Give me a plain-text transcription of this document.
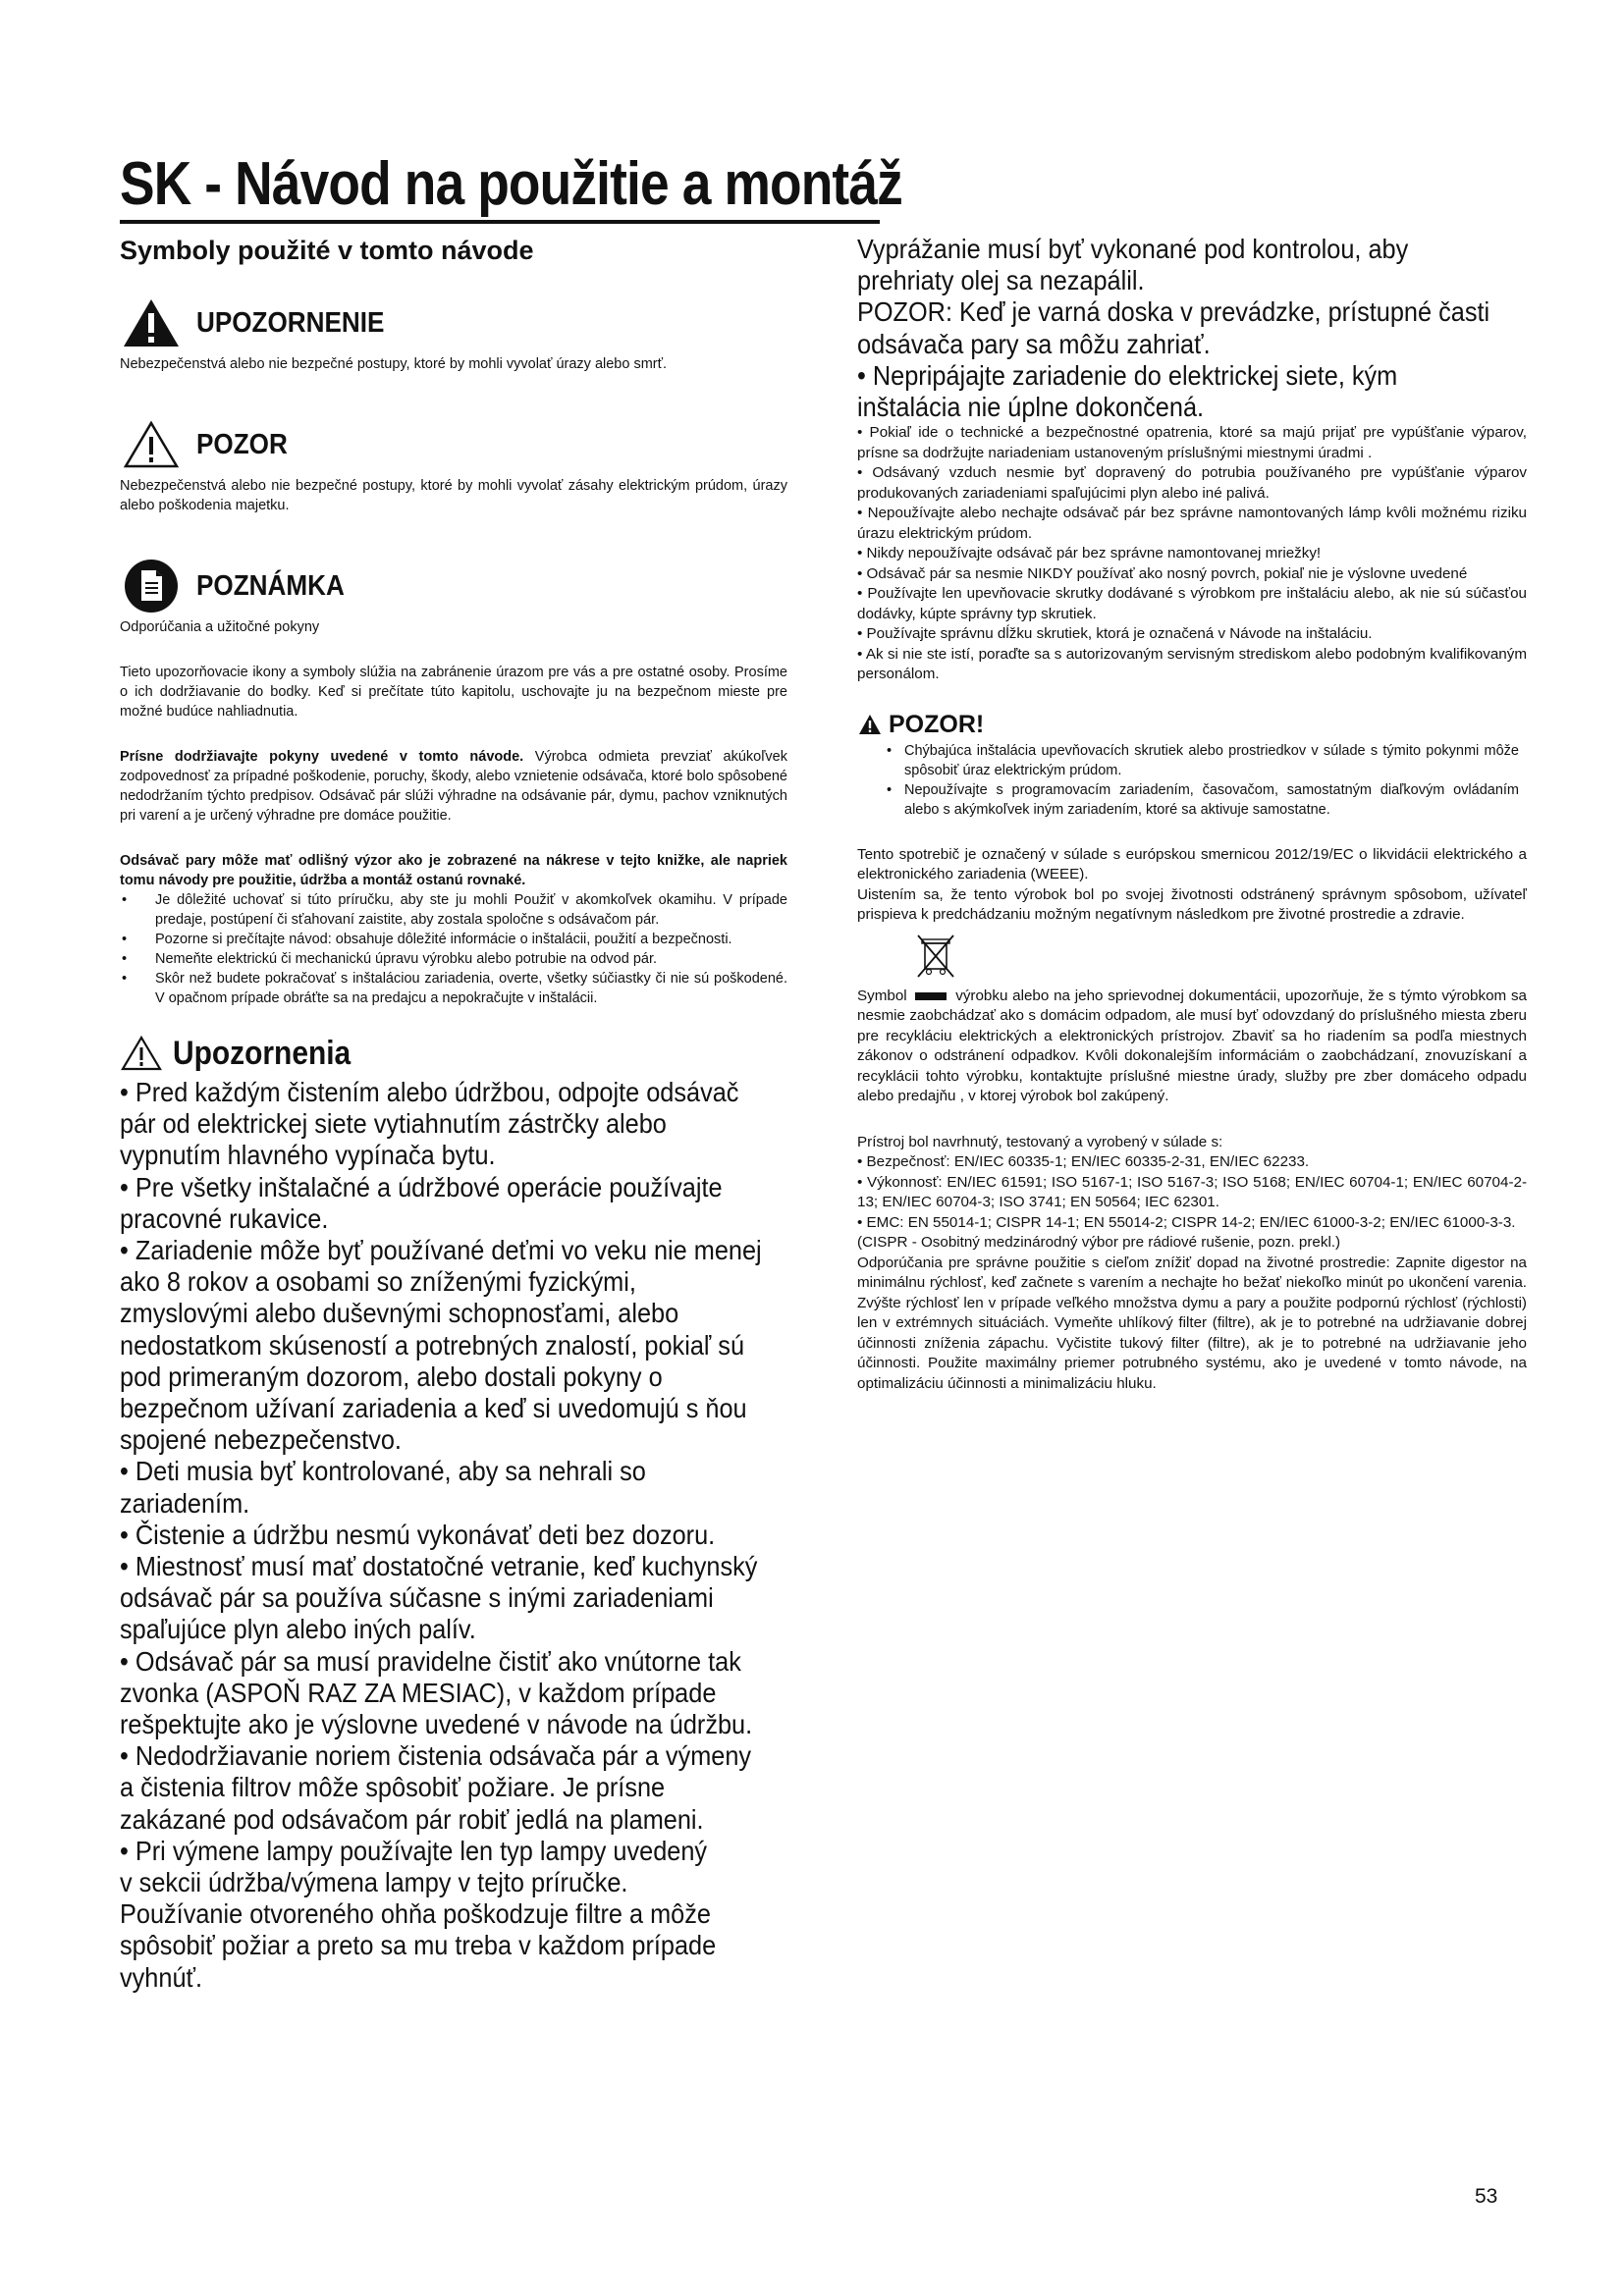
SK - Návod na použitie a montáž
Symboly použité v tomto návode
UPOZORNENIE

Nebezpečenstvá alebo nie bezpečné postupy, ktoré by mohli vyvolať úrazy alebo smrť.

POZOR

Nebezpečenstvá alebo nie bezpečné postupy, ktoré by mohli vyvolať zásahy elektrickým prúdom, úrazy alebo poškodenia majetku.

POZNÁMKA

Odporúčania a užitočné pokyny

Tieto upozorňovacie ikony a symboly slúžia na zabránenie úrazom pre vás a pre ostatné osoby. Prosíme o ich dodržiavanie do bodky. Keď si prečítate túto kapitolu, uschovajte ju na bezpečnom mieste pre možné budúce nahliadnutia.

Prísne dodržiavajte pokyny uvedené v tomto návode. Výrobca odmieta prevziať akúkoľvek zodpovednosť za prípadné poškodenie, poruchy, škody, alebo vznietenie odsávača, ktoré bolo spôsobené nedodržaním týchto predpisov. Odsávač pár slúži výhradne na odsávanie pár, dymu, pachov vzniknutých pri varení a je určený výhradne pre domáce použitie.

Odsávač pary môže mať odlišný výzor ako je zobrazené na nákrese v tejto knižke, ale napriek tomu návody pre použitie, údržba a montáž ostanú rovnaké.

• Je dôležité uchovať si túto príručku, aby ste ju mohli Použiť v akomkoľvek okamihu. V prípade predaje, postúpení či sťahovaní zaistite, aby zostala spoločne s odsávačom pár.
• Pozorne si prečítajte návod: obsahuje dôležité informácie o inštalácii, použití a bezpečnosti.
• Nemeňte elektrickú či mechanickú úpravu výrobku alebo potrubie na odvod pár.
• Skôr než budete pokračovať s inštaláciou zariadenia, overte, všetky súčiastky či nie sú poškodené. V opačnom prípade obráťte sa na predajcu a nepokračujte v inštalácii.
Upozornenia
• Pred každým čistením alebo údržbou, odpojte odsávač
pár od elektrickej siete vytiahnutím zástrčky alebo
vypnutím hlavného vypínača bytu.
• Pre všetky inštalačné a údržbové operácie používajte
pracovné rukavice.
• Zariadenie môže byť používané deťmi vo veku nie menej
ako 8 rokov a osobami so zníženými fyzickými,
zmyslovými alebo duševnými schopnosťami, alebo
nedostatkom skúseností a potrebných znalostí, pokiaľ sú
pod primeraným dozorom, alebo dostali pokyny o
bezpečnom užívaní zariadenia a keď si uvedomujú s ňou
spojené nebezpečenstvo.
• Deti musia byť kontrolované, aby sa nehrali so
zariadením.
• Čistenie a údržbu nesmú vykonávať deti bez dozoru.
• Miestnosť musí mať dostatočné vetranie, keď kuchynský
odsávač pár sa používa súčasne s inými zariadeniami
spaľujúce plyn alebo iných palív.
• Odsávač pár sa musí pravidelne čistiť ako vnútorne tak
zvonka (ASPOŇ RAZ ZA MESIAC), v každom prípade
rešpektujte ako je výslovne uvedené v návode na údržbu.
• Nedodržiavanie noriem čistenia odsávača pár a výmeny
a čistenia filtrov môže spôsobiť požiare. Je prísne
zakázané pod odsávačom pár robiť jedlá na plameni.
• Pri výmene lampy používajte len typ lampy uvedený
v sekcii údržba/výmena lampy v tejto príručke.
Používanie otvoreného ohňa poškodzuje filtre a môže
spôsobiť požiar a preto sa mu treba v každom prípade
vyhnúť.
Vyprážanie musí byť vykonané pod kontrolou, aby
prehriaty olej sa nezapálil.
POZOR: Keď je varná doska v prevádzke, prístupné časti
odsávača pary sa môžu zahriať.
• Nepripájajte zariadenie do elektrickej siete, kým
inštalácia nie úplne dokončená.

• Pokiaľ ide o technické a bezpečnostné opatrenia, ktoré sa majú prijať pre vypúšťanie výparov, prísne sa dodržujte nariadeniam ustanoveným príslušnými miestnymi úradmi .

• Odsávaný vzduch nesmie byť dopravený do potrubia používaného pre vypúšťanie výparov produkovaných zariadeniami spaľujúcimi plyn alebo iné palivá.

• Nepoužívajte alebo nechajte odsávač pár bez správne namontovaných lámp kvôli možnému riziku úrazu elektrickým prúdom.

• Nikdy nepoužívajte odsávač pár bez správne namontovanej mriežky!

• Odsávač pár sa nesmie NIKDY používať ako nosný povrch, pokiaľ nie je výslovne uvedené

• Používajte len upevňovacie skrutky dodávané s výrobkom pre inštaláciu alebo, ak nie sú súčasťou dodávky, kúpte správny typ skrutiek.

• Používajte správnu dĺžku skrutiek, ktorá je označená v Návode na inštaláciu.

• Ak si nie ste istí, poraďte sa s autorizovaným servisným strediskom alebo podobným kvalifikovaným personálom.

POZOR!
• Chýbajúca inštalácia upevňovacích skrutiek alebo prostriedkov v súlade s týmito pokynmi môže spôsobiť úraz elektrickým prúdom.
• Nepoužívajte s programovacím zariadením, časovačom, samostatným diaľkovým ovládaním alebo s akýmkoľvek iným zariadením, ktoré sa aktivuje samostatne.

Tento spotrebič je označený v súlade s európskou smernicou 2012/19/EC o likvidácii elektrického a elektronického zariadenia (WEEE).

Uistením sa, že tento výrobok bol po svojej životnosti odstránený správnym spôsobom, užívateľ prispieva k predchádzaniu možným negatívnym následkom pre životné prostredie a zdravie.

Symbol	výrobku alebo na jeho sprievodnej dokumentácii, upozorňuje, že s týmto výrobkom sa nesmie zaobchádzať ako s domácim odpadom, ale musí byť odovzdaný do príslušného miesta zberu pre recykláciu elektrických a elektronických prístrojov. Zbaviť sa ho riadením sa podľa miestnych zákonov o odstránení odpadkov. Kvôli dokonalejším informáciám o zaobchádzaní, znovuzískaní a recyklácii tohto výrobku, kontaktujte príslušné miestne úrady, služby pre zber domáceho odpadu alebo predajňu , v ktorej výrobok bol zakúpený.

Prístroj bol navrhnutý, testovaný a vyrobený v súlade s:

• Bezpečnosť: EN/IEC 60335-1; EN/IEC 60335-2-31, EN/IEC 62233.

• Výkonnosť: EN/IEC 61591; ISO 5167-1; ISO 5167-3; ISO 5168; EN/IEC 60704-1; EN/IEC 60704-2-13; EN/IEC 60704-3; ISO 3741; EN 50564; IEC 62301.

• EMC: EN 55014-1; CISPR 14-1; EN 55014-2; CISPR 14-2; EN/IEC 61000-3-2; EN/IEC 61000-3-3.

(CISPR - Osobitný medzinárodný výbor pre rádiové rušenie, pozn. prekl.)

Odporúčania pre správne použitie s cieľom znížiť dopad na životné prostredie: Zapnite digestor na minimálnu rýchlosť, keď začnete s varením a nechajte ho bežať niekoľko minút po ukončení varenia. Zvýšte rýchlosť len v prípade veľkého množstva dymu a pary a použite podpornú rýchlosť (rýchlosti) len v extrémnych situáciách. Vymeňte uhlíkový filter (filtre), ak je to potrebné na udržiavanie dobrej účinnosti zníženia zápachu. Vyčistite tukový filter (filtre), ak je to potrebné na udržiavanie jeho účinnosti. Použite maximálny priemer potrubného systému, ako je uvedené v tomto návode, na optimalizáciu účinnosti a minimalizáciu hluku.

53
